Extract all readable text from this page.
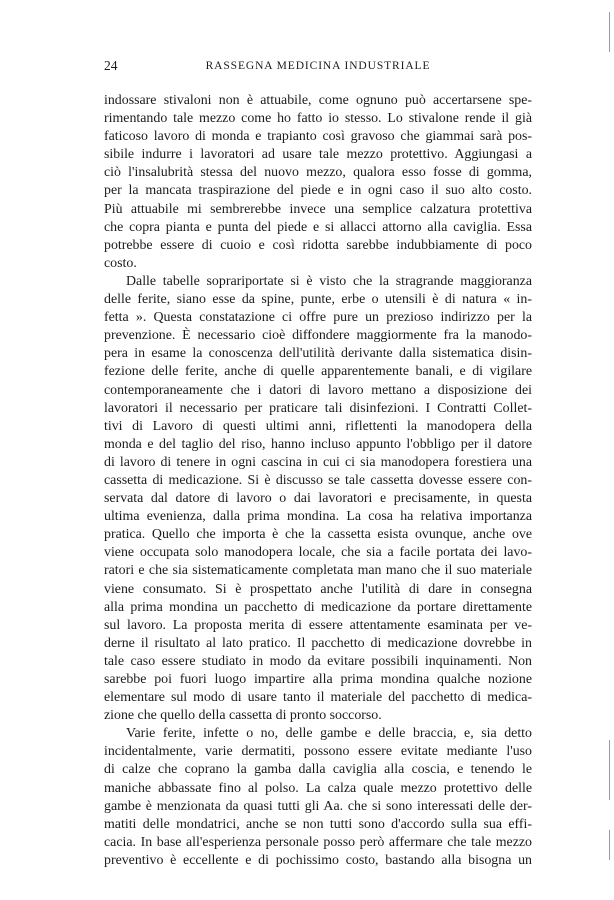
24	RASSEGNA MEDICINA INDUSTRIALE
indossare stivaloni non è attuabile, come ognuno può accertarsene spe-
rimentando tale mezzo come ho fatto io stesso. Lo stivalone rende il già
faticoso lavoro di monda e trapianto così gravoso che giammai sarà pos-
sibile indurre i lavoratori ad usare tale mezzo protettivo. Aggiungasi a
ciò l'insalubrità stessa del nuovo mezzo, qualora esso fosse di gomma,
per la mancata traspirazione del piede e in ogni caso il suo alto costo.
Più attuabile mi sembrerebbe invece una semplice calzatura protettiva
che copra pianta e punta del piede e si allacci attorno alla caviglia. Essa
potrebbe essere di cuoio e così ridotta sarebbe indubbiamente di poco
costo.
Dalle tabelle soprariportate si è visto che la stragrande maggioranza
delle ferite, siano esse da spine, punte, erbe o utensili è di natura « in-
fetta ». Questa constatazione ci offre pure un prezioso indirizzo per la
prevenzione. È necessario cioè diffondere maggiormente fra la manodo-
pera in esame la conoscenza dell'utilità derivante dalla sistematica disin-
fezione delle ferite, anche di quelle apparentemente banali, e di vigilare
contemporaneamente che i datori di lavoro mettano a disposizione dei
lavoratori il necessario per praticare tali disinfezioni. I Contratti Collet-
tivi di Lavoro di questi ultimi anni, riflettenti la manodopera della
monda e del taglio del riso, hanno incluso appunto l'obbligo per il datore
di lavoro di tenere in ogni cascina in cui ci sia manodopera forestiera una
cassetta di medicazione. Si è discusso se tale cassetta dovesse essere con-
servata dal datore di lavoro o dai lavoratori e precisamente, in questa
ultima evenienza, dalla prima mondina. La cosa ha relativa importanza
pratica. Quello che importa è che la cassetta esista ovunque, anche ove
viene occupata solo manodopera locale, che sia a facile portata dei lavo-
ratori e che sia sistematicamente completata man mano che il suo materiale
viene consumato. Si è prospettato anche l'utilità di dare in consegna
alla prima mondina un pacchetto di medicazione da portare direttamente
sul lavoro. La proposta merita di essere attentamente esaminata per ve-
derne il risultato al lato pratico. Il pacchetto di medicazione dovrebbe in
tale caso essere studiato in modo da evitare possibili inquinamenti. Non
sarebbe poi fuori luogo impartire alla prima mondina qualche nozione
elementare sul modo di usare tanto il materiale del pacchetto di medica-
zione che quello della cassetta di pronto soccorso.
Varie ferite, infette o no, delle gambe e delle braccia, e, sia detto
incidentalmente, varie dermatiti, possono essere evitate mediante l'uso
di calze che coprano la gamba dalla caviglia alla coscia, e tenendo le
maniche abbassate fino al polso. La calza quale mezzo protettivo delle
gambe è menzionata da quasi tutti gli Aa. che si sono interessati delle der-
matiti delle mondatrici, anche se non tutti sono d'accordo sulla sua effi-
cacia. In base all'esperienza personale posso però affermare che tale mezzo
preventivo è eccellente e di pochissimo costo, bastando alla bisogna un
